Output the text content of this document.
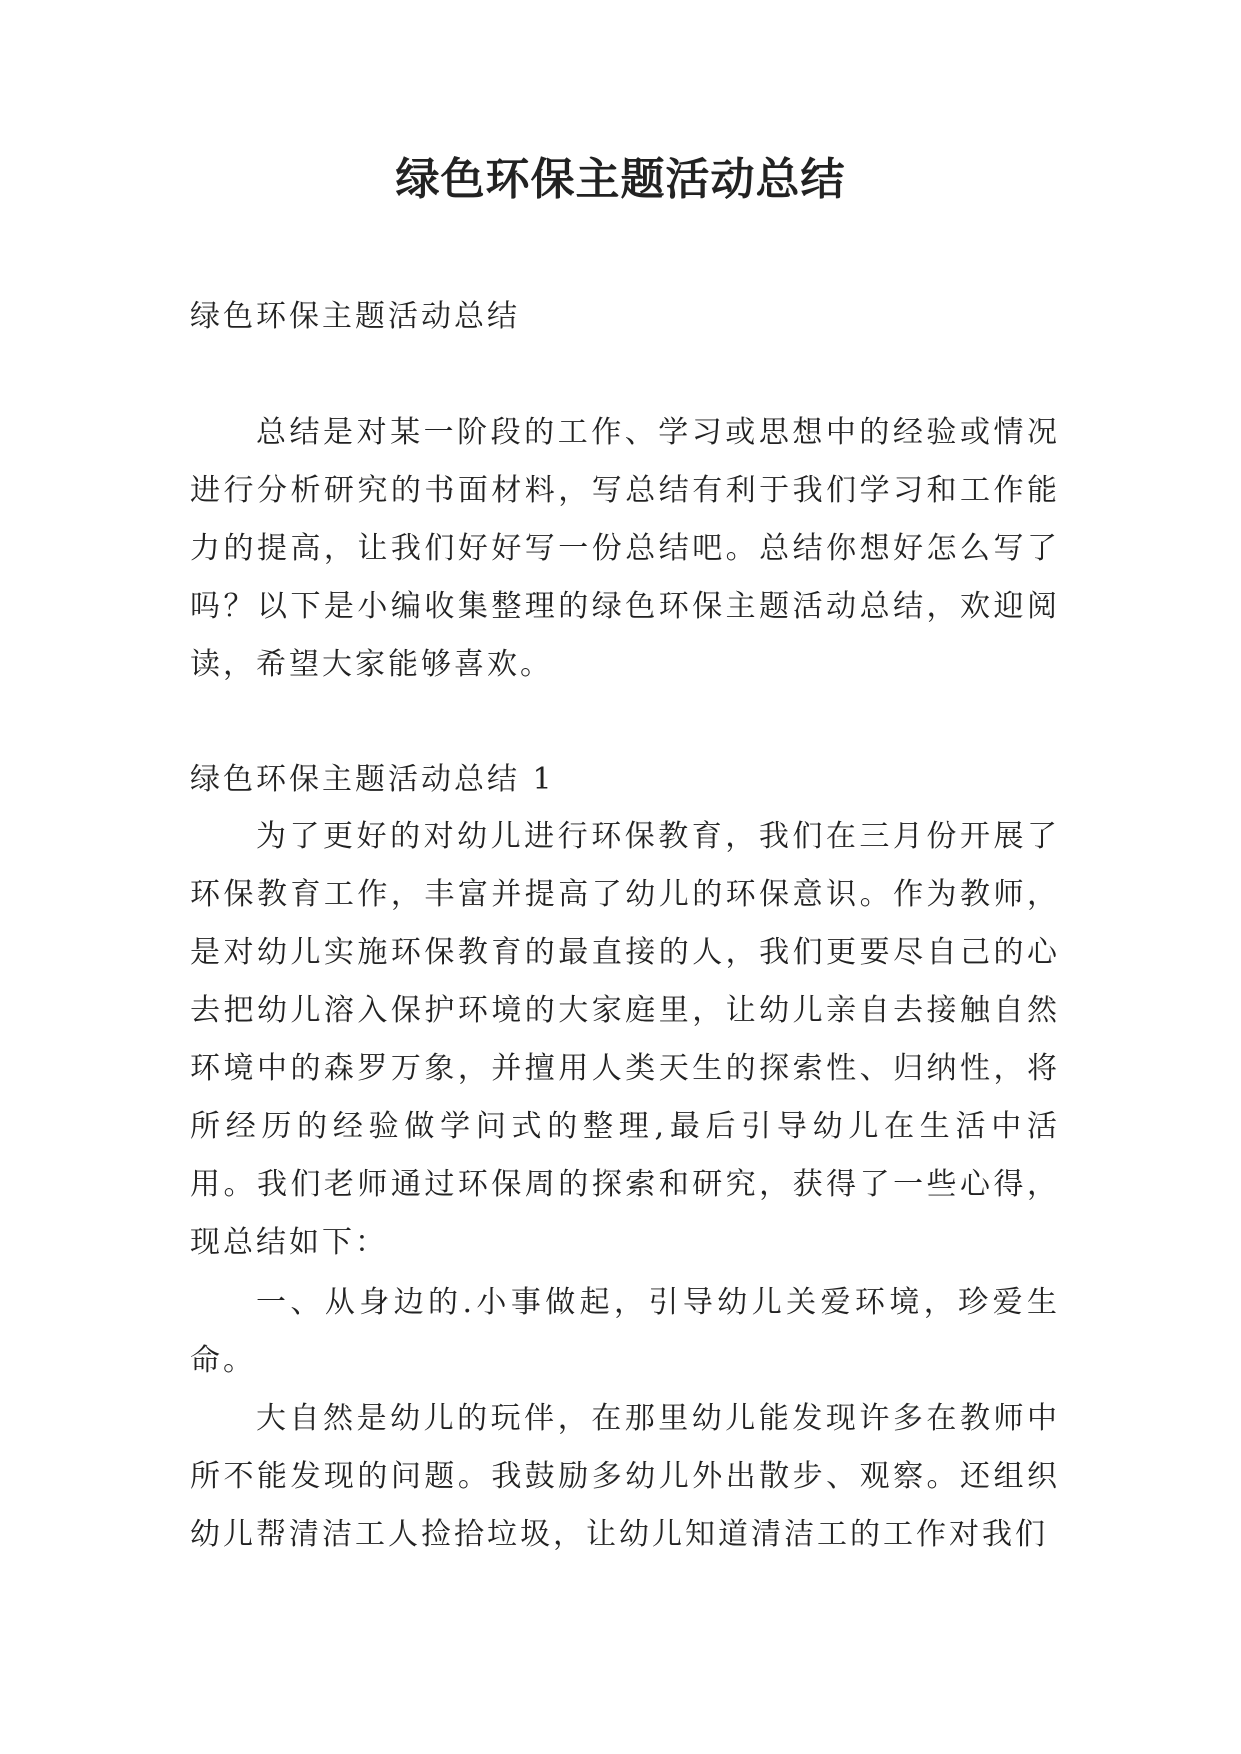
绿色环保主题活动总结

绿色环保主题活动总结

总结是对某一阶段的工作、学习或思想中的经验或情况进行分析研究的书面材料，写总结有利于我们学习和工作能力的提高，让我们好好写一份总结吧。总结你想好怎么写了吗？以下是小编收集整理的绿色环保主题活动总结，欢迎阅读，希望大家能够喜欢。

绿色环保主题活动总结 1

为了更好的对幼儿进行环保教育，我们在三月份开展了环保教育工作，丰富并提高了幼儿的环保意识。作为教师，是对幼儿实施环保教育的最直接的人，我们更要尽自己的心去把幼儿溶入保护环境的大家庭里，让幼儿亲自去接触自然环境中的森罗万象，并擅用人类天生的探索性、归纳性，将所经历的经验做学问式的整理,最后引导幼儿在生活中活用。我们老师通过环保周的探索和研究，获得了一些心得，现总结如下：

一、从身边的.小事做起，引导幼儿关爱环境，珍爱生命。

大自然是幼儿的玩伴，在那里幼儿能发现许多在教师中所不能发现的问题。我鼓励多幼儿外出散步、观察。还组织幼儿帮清洁工人捡拾垃圾，让幼儿知道清洁工的工作对我们
